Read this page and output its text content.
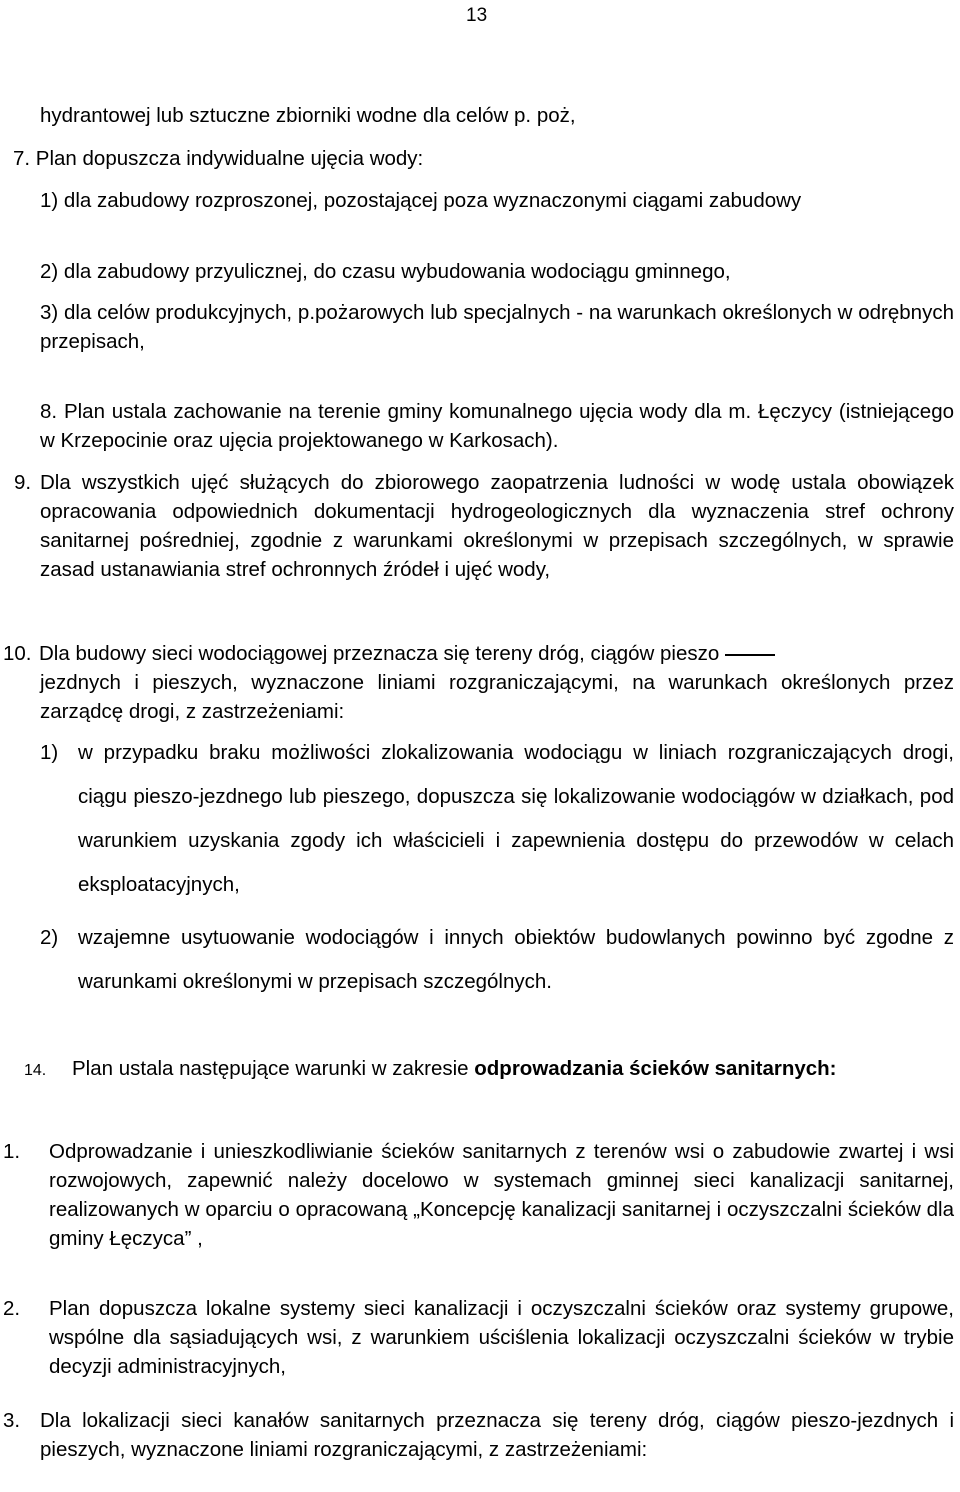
13
hydrantowej lub sztuczne zbiorniki wodne dla celów p. poż,
7. Plan dopuszcza indywidualne ujęcia wody:
1) dla zabudowy rozproszonej, pozostającej poza wyznaczonymi ciągami zabudowy
2) dla zabudowy przyulicznej, do czasu wybudowania wodociągu gminnego,
3) dla celów produkcyjnych, p.pożarowych lub specjalnych - na warunkach określonych w odrębnych przepisach,
8. Plan ustala zachowanie na terenie gminy komunalnego ujęcia wody dla m. Łęczycy (istniejącego w Krzepocinie oraz ujęcia projektowanego w Karkosach).
9. Dla wszystkich ujęć służących do zbiorowego zaopatrzenia ludności w wodę ustala obowiązek opracowania odpowiednich dokumentacji hydrogeologicznych dla wyznaczenia stref ochrony sanitarnej pośredniej, zgodnie z warunkami określonymi w przepisach szczególnych, w sprawie zasad ustanawiania stref ochronnych źródeł i ujęć wody,
10. Dla budowy sieci wodociągowej przeznacza się tereny dróg, ciągów pieszo
jezdnych i pieszych, wyznaczone liniami rozgraniczającymi, na warunkach określonych przez zarządcę drogi, z zastrzeżeniami:
1) w przypadku braku możliwości zlokalizowania wodociągu w liniach rozgraniczających drogi, ciągu pieszo-jezdnego lub pieszego, dopuszcza się lokalizowanie wodociągów w działkach, pod warunkiem uzyskania zgody ich właścicieli i zapewnienia dostępu do przewodów w celach eksploatacyjnych,
2) wzajemne usytuowanie wodociągów i innych obiektów budowlanych powinno być zgodne z warunkami określonymi w przepisach szczególnych.
14. Plan ustala następujące warunki w zakresie odprowadzania ścieków sanitarnych:
1. Odprowadzanie i unieszkodliwianie ścieków sanitarnych z terenów wsi o zabudowie zwartej i wsi rozwojowych, zapewnić należy docelowo w systemach gminnej sieci kanalizacji sanitarnej, realizowanych w oparciu o opracowaną „Koncepcję kanalizacji sanitarnej i oczyszczalni ścieków dla gminy Łęczyca” ,
2. Plan dopuszcza lokalne systemy sieci kanalizacji i oczyszczalni ścieków oraz systemy grupowe, wspólne dla sąsiadujących wsi, z warunkiem uściślenia lokalizacji oczyszczalni ścieków w trybie decyzji administracyjnych,
3. Dla lokalizacji sieci kanałów sanitarnych przeznacza się tereny dróg, ciągów pieszo-jezdnych i pieszych, wyznaczone liniami rozgraniczającymi, z zastrzeżeniami:
